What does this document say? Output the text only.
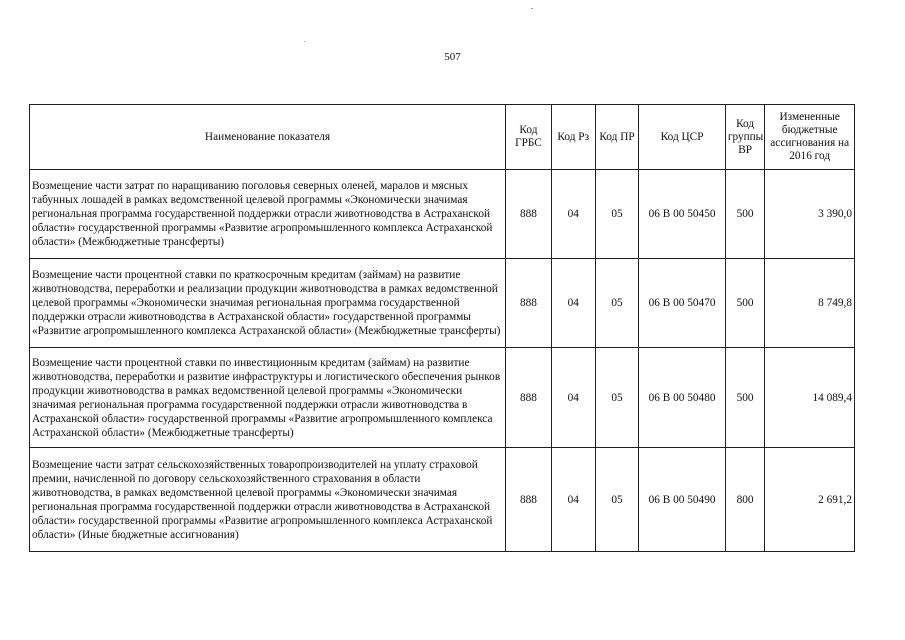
507
Наименование показателя	Код ГРБС	Код Рз	Код ПР	Код ЦСР	Код группы ВР	Измененные бюджетные ассигнования на 2016 год
Возмещение части затрат по наращиванию поголовья северных оленей, маралов и мясных табунных лошадей в рамках ведомственной целевой программы «Экономически значимая региональная программа государственной поддержки отрасли животноводства в Астраханской области» государственной программы «Развитие агропромышленного комплекса Астраханской области» (Межбюджетные трансферты)	888	04	05	06 В 00 50450	500	3 390,0
Возмещение части процентной ставки по краткосрочным кредитам (займам) на развитие животноводства, переработки и реализации продукции животноводства в рамках ведомственной целевой программы «Экономически значимая региональная программа государственной поддержки отрасли животноводства в Астраханской области» государственной программы «Развитие агропромышленного комплекса Астраханской области» (Межбюджетные трансферты)	888	04	05	06 В 00 50470	500	8 749,8
Возмещение части процентной ставки по инвестиционным кредитам (займам) на развитие животноводства, переработки и развитие инфраструктуры и логистического обеспечения рынков продукции животноводства в рамках ведомственной целевой программы «Экономически значимая региональная программа государственной поддержки отрасли животноводства в Астраханской области» государственной программы «Развитие агропромышленного комплекса Астраханской области» (Межбюджетные трансферты)	888	04	05	06 В 00 50480	500	14 089,4
Возмещение части затрат сельскохозяйственных товаропроизводителей на уплату страховой премии, начисленной по договору сельскохозяйственного страхования в области животноводства, в рамках ведомственной целевой программы «Экономически значимая региональная программа государственной поддержки отрасли животноводства в Астраханской области» государственной программы «Развитие агропромышленного комплекса Астраханской области» (Иные бюджетные ассигнования)	888	04	05	06 В 00 50490	800	2 691,2
